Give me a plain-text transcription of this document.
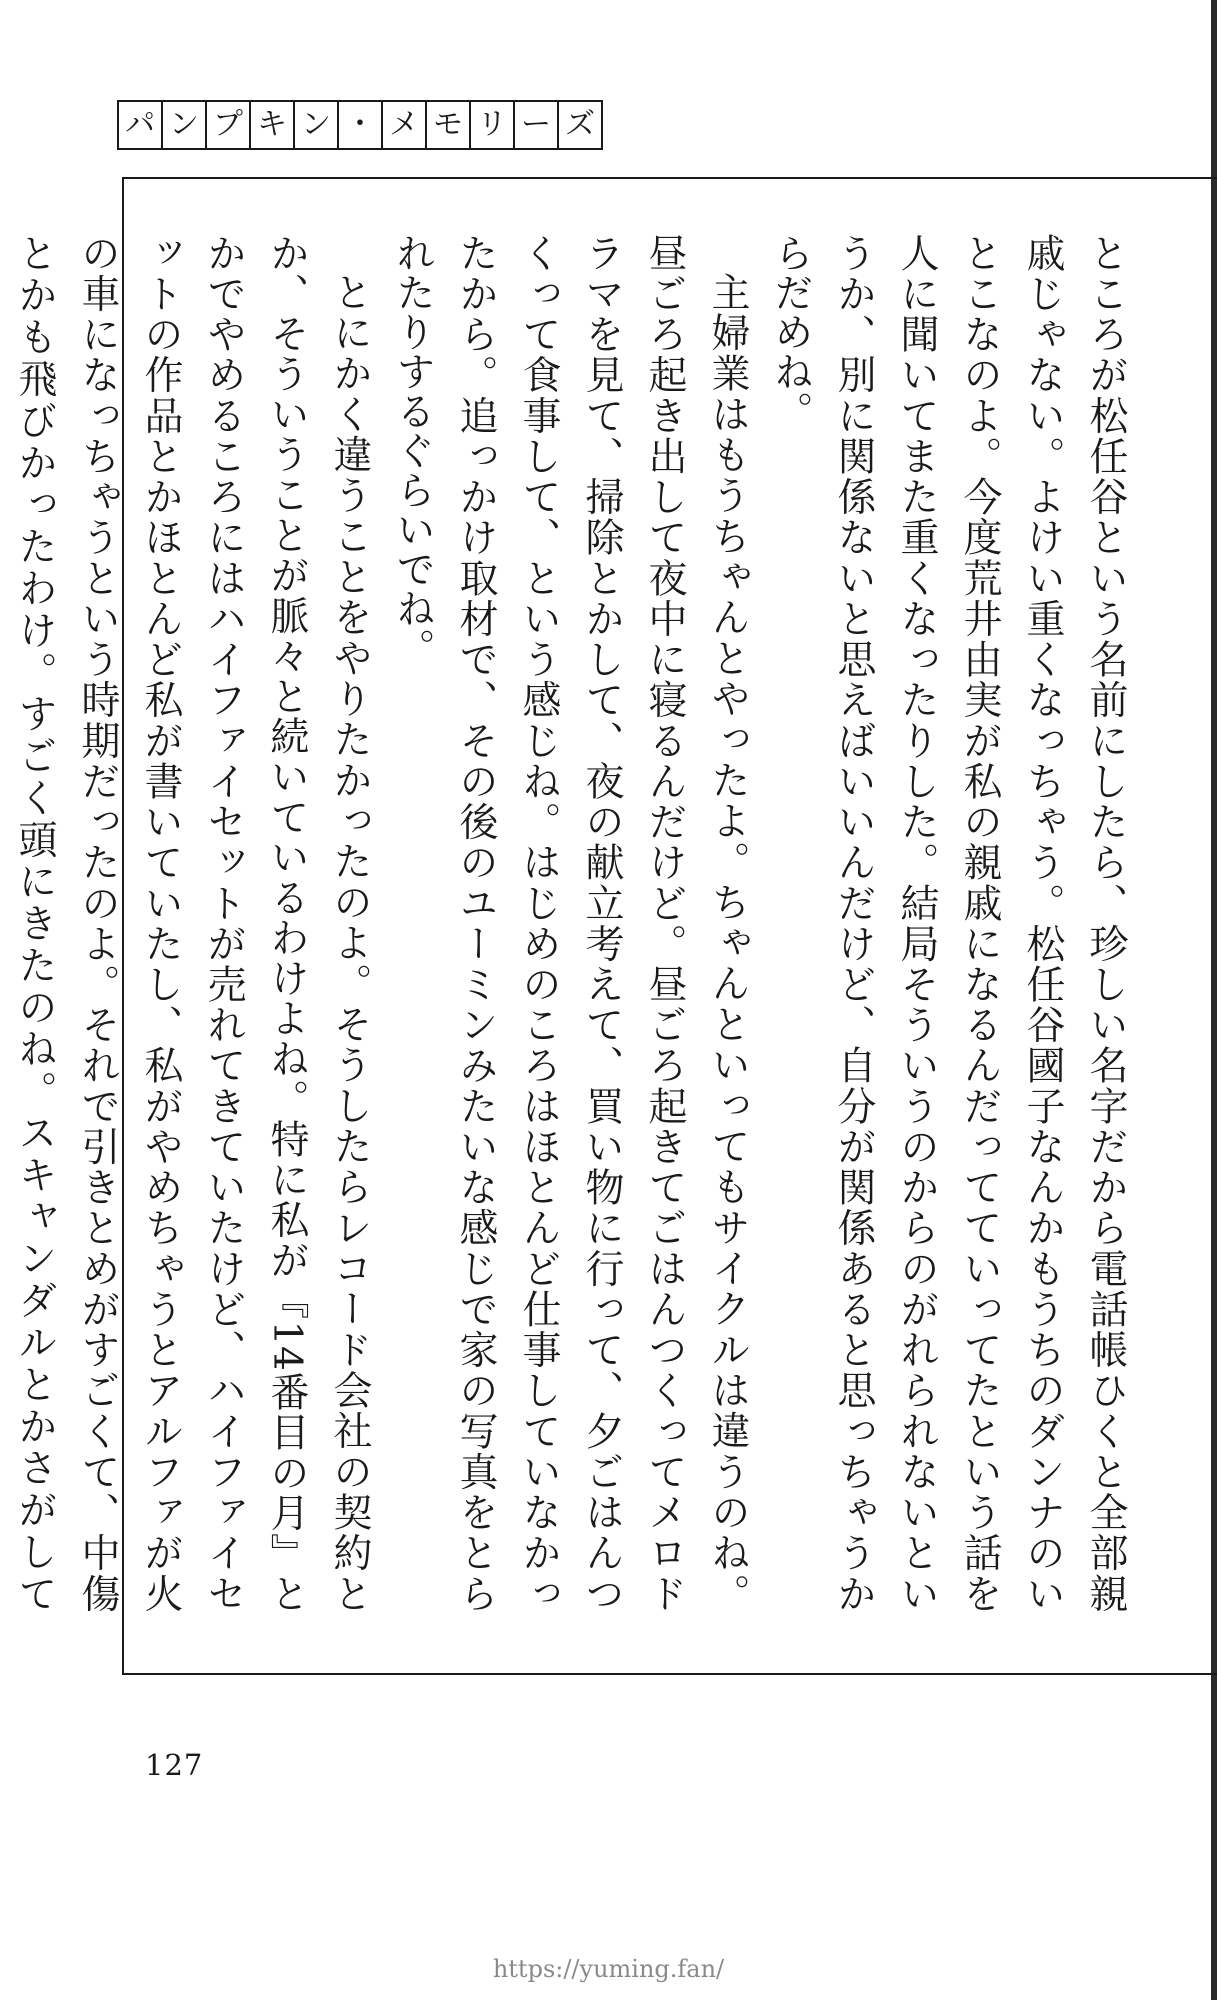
パ ン プ キ ン ・ メ モ リ ー ズ

ところが松任谷という名前にしたら、珍しい名字だから電話帳ひくと全部親戚じゃない。よけい重くなっちゃう。松任谷國子なんかもうちのダンナのいとこなのよ。今度荒井由実が私の親戚になるんだってていってたという話を人に聞いてまた重くなったりした。結局そういうのからのがれられないというか、別に関係ないと思えばいいんだけど、自分が関係あると思っちゃうからだめね。

主婦業はもうちゃんとやったよ。ちゃんといってもサイクルは違うのね。昼ごろ起き出して夜中に寝るんだけど。昼ごろ起きてごはんつくってメロドラマを見て、掃除とかして、夜の献立考えて、買い物に行って、夕ごはんつくって食事して、という感じね。はじめのころはほとんど仕事していなかったから。追っかけ取材で、その後のユーミンみたいな感じで家の写真をとられたりするぐらいでね。

とにかく違うことをやりたかったのよ。そうしたらレコード会社の契約とか、そういうことが脈々と続いているわけよね。特に私が『14番目の月』とかでやめるころにはハイファイセットが売れてきていたけど、ハイファイセットの作品とかほとんど私が書いていたし、私がやめちゃうとアルファが火の車になっちゃうという時期だったのよ。それで引きとめがすごくて、中傷とかも飛びかったわけ。すごく頭にきたのね。スキャンダルとかさがして

127
https://yuming.fan/
